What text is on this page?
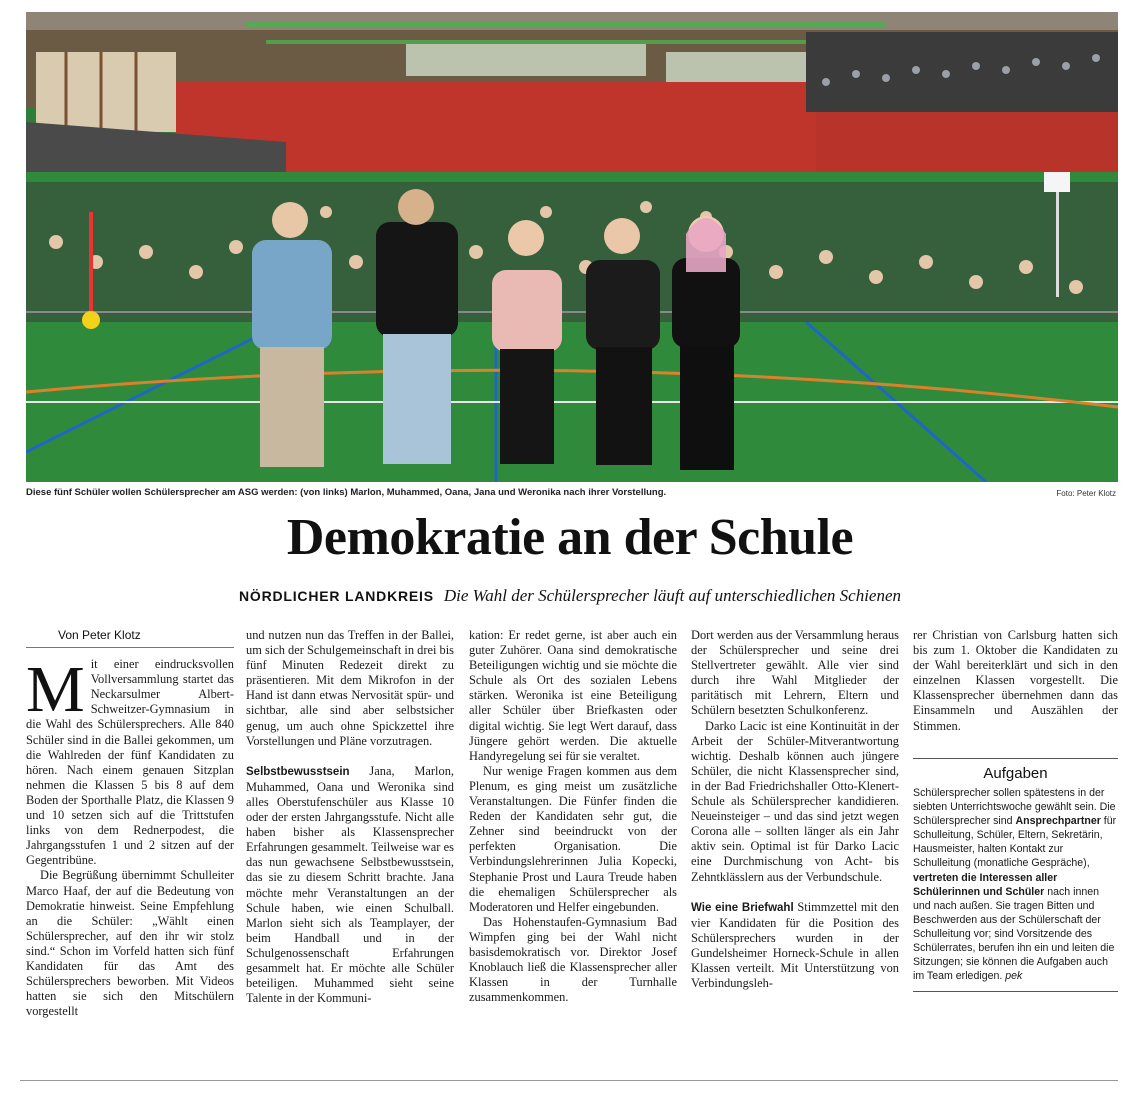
Diese fünf Schüler wollen Schülersprecher am ASG werden: (von links) Marlon, Muhammed, Oana, Jana und Weronika nach ihrer Vorstellung.	Foto: Peter Klotz
Demokratie an der Schule
NÖRDLICHER LANDKREIS Die Wahl der Schülersprecher läuft auf unterschiedlichen Schienen
Von Peter Klotz

Mit einer eindrucksvollen Vollversammlung startet das Neckarsulmer Albert-Schweitzer-Gymnasium in die Wahl des Schülersprechers. Alle 840 Schüler sind in die Ballei gekommen, um die Wahlreden der fünf Kandidaten zu hören. Nach einem genauen Sitzplan nehmen die Klassen 5 bis 8 auf dem Boden der Sporthalle Platz, die Klassen 9 und 10 setzen sich auf die Trittstufen links von dem Rednerpodest, die Jahrgangsstufen 1 und 2 sitzen auf der Gegentribüne.

Die Begrüßung übernimmt Schulleiter Marco Haaf, der auf die Bedeutung von Demokratie hinweist. Seine Empfehlung an die Schüler: „Wählt einen Schülersprecher, auf den ihr wir stolz sind.“ Schon im Vorfeld hatten sich fünf Kandidaten für das Amt des Schülersprechers beworben. Mit Videos hatten sie sich den Mitschülern vorgestellt

und nutzen nun das Treffen in der Ballei, um sich der Schulgemeinschaft in drei bis fünf Minuten Redezeit direkt zu präsentieren. Mit dem Mikrofon in der Hand ist dann etwas Nervosität spür- und sichtbar, alle sind aber selbstsicher genug, um auch ohne Spickzettel ihre Vorstellungen und Pläne vorzutragen.

Selbstbewusstsein Jana, Marlon, Muhammed, Oana und Weronika sind alles Oberstufenschüler aus Klasse 10 oder der ersten Jahrgangsstufe. Nicht alle haben bisher als Klassensprecher Erfahrungen gesammelt. Teilweise war es das nun gewachsene Selbstbewusstsein, das sie zu diesem Schritt brachte. Jana möchte mehr Veranstaltungen an der Schule haben, wie einen Schulball. Marlon sieht sich als Teamplayer, der beim Handball und in der Schulgenossenschaft Erfahrungen gesammelt hat. Er möchte alle Schüler beteiligen. Muhammed sieht seine Talente in der Kommuni-

kation: Er redet gerne, ist aber auch ein guter Zuhörer. Oana sind demokratische Beteiligungen wichtig und sie möchte die Schule als Ort des sozialen Lebens stärken. Weronika ist eine Beteiligung aller Schüler über Briefkasten oder digital wichtig. Sie legt Wert darauf, dass Jüngere gehört werden. Die aktuelle Handyregelung sei für sie veraltet.

Nur wenige Fragen kommen aus dem Plenum, es ging meist um zusätzliche Veranstaltungen. Die Fünfer finden die Reden der Kandidaten sehr gut, die Zehner sind beeindruckt von der perfekten Organisation. Die Verbindungslehrerinnen Julia Kopecki, Stephanie Prost und Laura Treude haben die ehemaligen Schülersprecher als Moderatoren und Helfer eingebunden.

Das Hohenstaufen-Gymnasium Bad Wimpfen ging bei der Wahl nicht basisdemokratisch vor. Direktor Josef Knoblauch ließ die Klassensprecher aller Klassen in der Turnhalle zusammenkommen.

Dort werden aus der Versammlung heraus der Schülersprecher und seine drei Stellvertreter gewählt. Alle vier sind durch ihre Wahl Mitglieder der paritätisch mit Lehrern, Eltern und Schülern besetzten Schulkonferenz.

Darko Lacic ist eine Kontinuität in der Arbeit der Schüler-Mitverantwortung wichtig. Deshalb können auch jüngere Schüler, die nicht Klassensprecher sind, in der Bad Friedrichshaller Otto-Klenert-Schule als Schülersprecher kandidieren. Neueinsteiger – und das sind jetzt wegen Corona alle – sollten länger als ein Jahr aktiv sein. Optimal ist für Darko Lacic eine Durchmischung von Acht- bis Zehntklässlern aus der Verbundschule.

Wie eine Briefwahl Stimmzettel mit den vier Kandidaten für die Position des Schülersprechers wurden in der Gundelsheimer Horneck-Schule in allen Klassen verteilt. Mit Unterstützung von Verbindungsleh-

rer Christian von Carlsburg hatten sich bis zum 1. Oktober die Kandidaten zu der Wahl bereiterklärt und sich in den einzelnen Klassen vorgestellt. Die Klassensprecher übernehmen dann das Einsammeln und Auszählen der Stimmen.

Aufgaben
Schülersprecher sollen spätestens in der siebten Unterrichtswoche gewählt sein. Die Schülersprecher sind Ansprechpartner für Schulleitung, Schüler, Eltern, Sekretärin, Hausmeister, halten Kontakt zur Schulleitung (monatliche Gespräche), vertreten die Interessen aller Schülerinnen und Schüler nach innen und nach außen. Sie tragen Bitten und Beschwerden aus der Schülerschaft der Schulleitung vor; sind Vorsitzende des Schülerrates, berufen ihn ein und leiten die Sitzungen; sie können die Aufgaben auch im Team erledigen. pek
